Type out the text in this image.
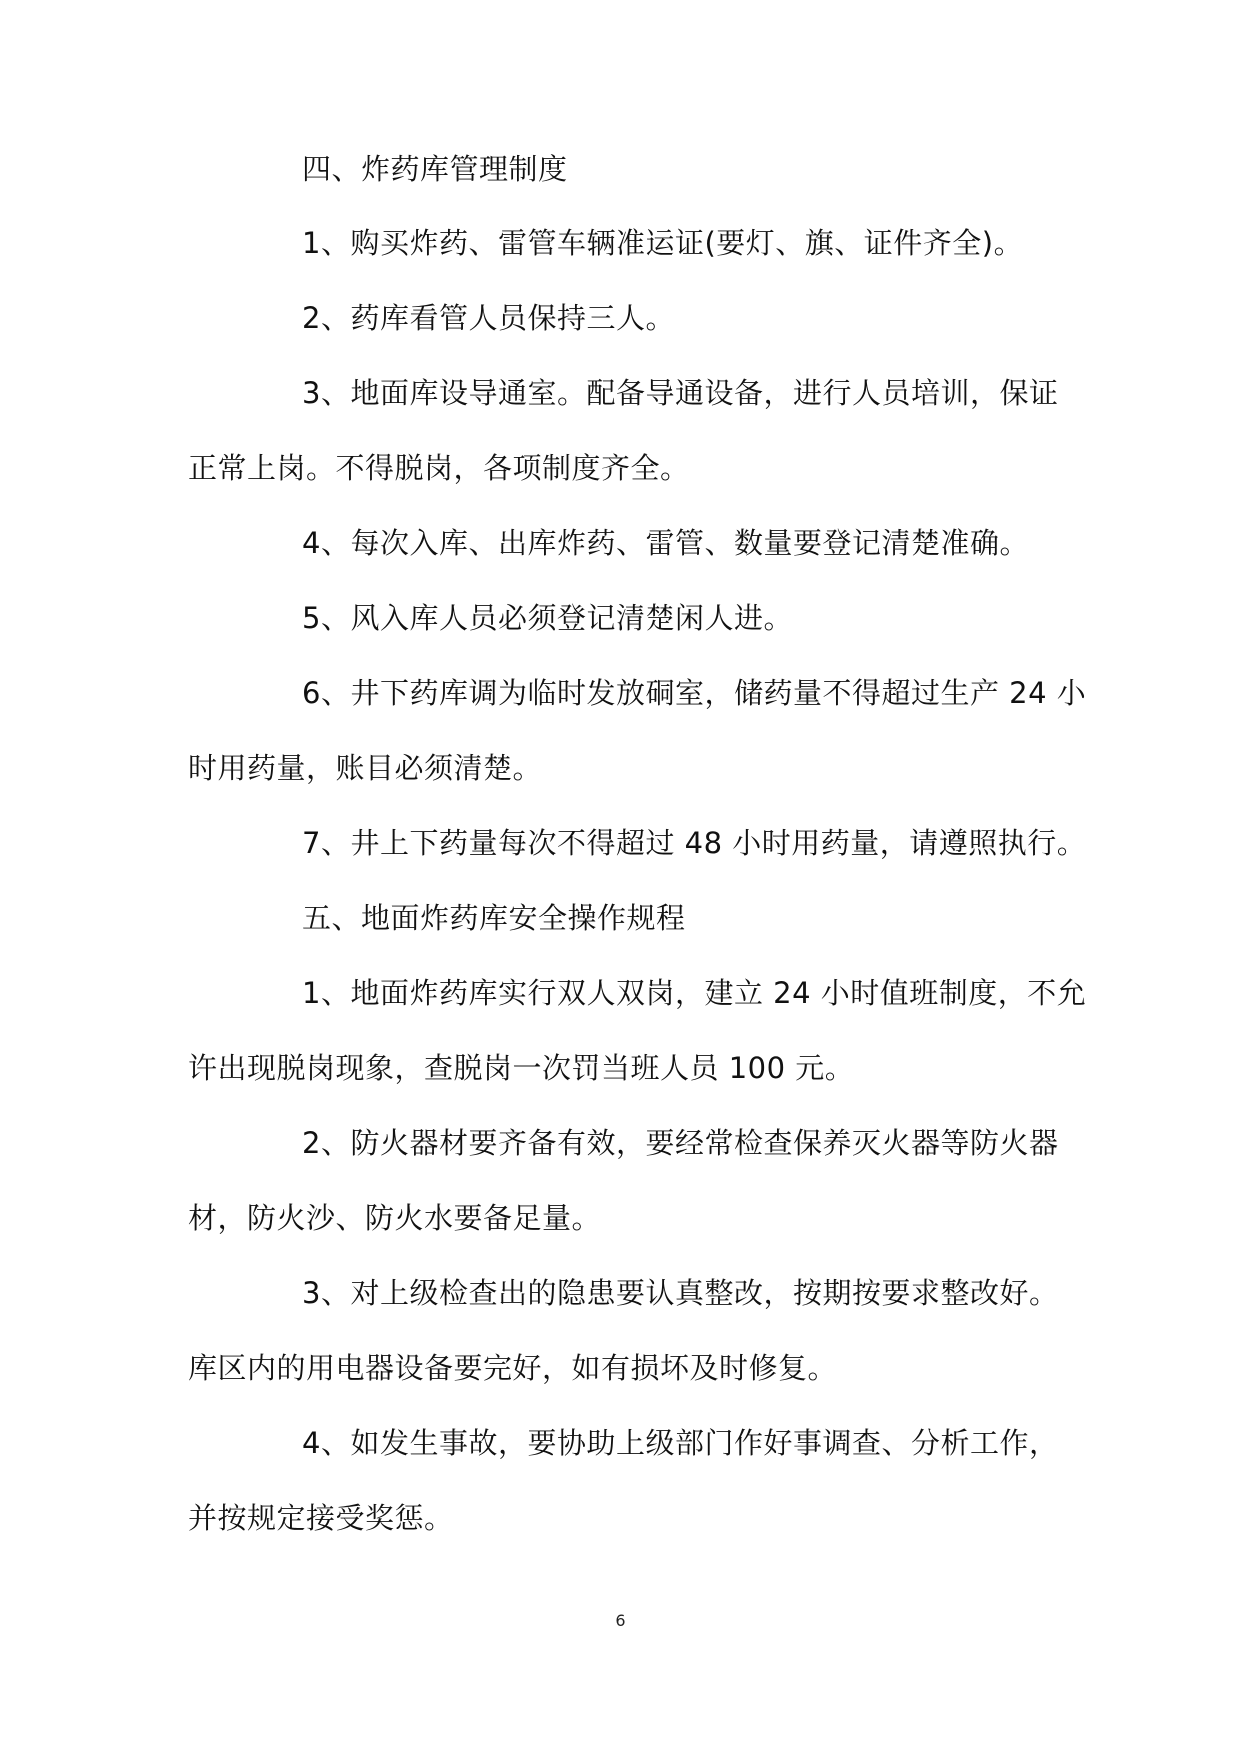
四、炸药库管理制度
1、购买炸药、雷管车辆准运证(要灯、旗、证件齐全)。
2、药库看管人员保持三人。
3、地面库设导通室。配备导通设备，进行人员培训，保证
正常上岗。不得脱岗，各项制度齐全。
4、每次入库、出库炸药、雷管、数量要登记清楚准确。
5、风入库人员必须登记清楚闲人进。
6、井下药库调为临时发放硐室，储药量不得超过生产 24 小
时用药量，账目必须清楚。
7、井上下药量每次不得超过 48 小时用药量，请遵照执行。
五、地面炸药库安全操作规程
1、地面炸药库实行双人双岗，建立 24 小时值班制度，不允
许出现脱岗现象，查脱岗一次罚当班人员 100 元。
2、防火器材要齐备有效，要经常检查保养灭火器等防火器
材，防火沙、防火水要备足量。
3、对上级检查出的隐患要认真整改，按期按要求整改好。
库区内的用电器设备要完好，如有损坏及时修复。
4、如发生事故，要协助上级部门作好事调查、分析工作，
并按规定接受奖惩。
6
